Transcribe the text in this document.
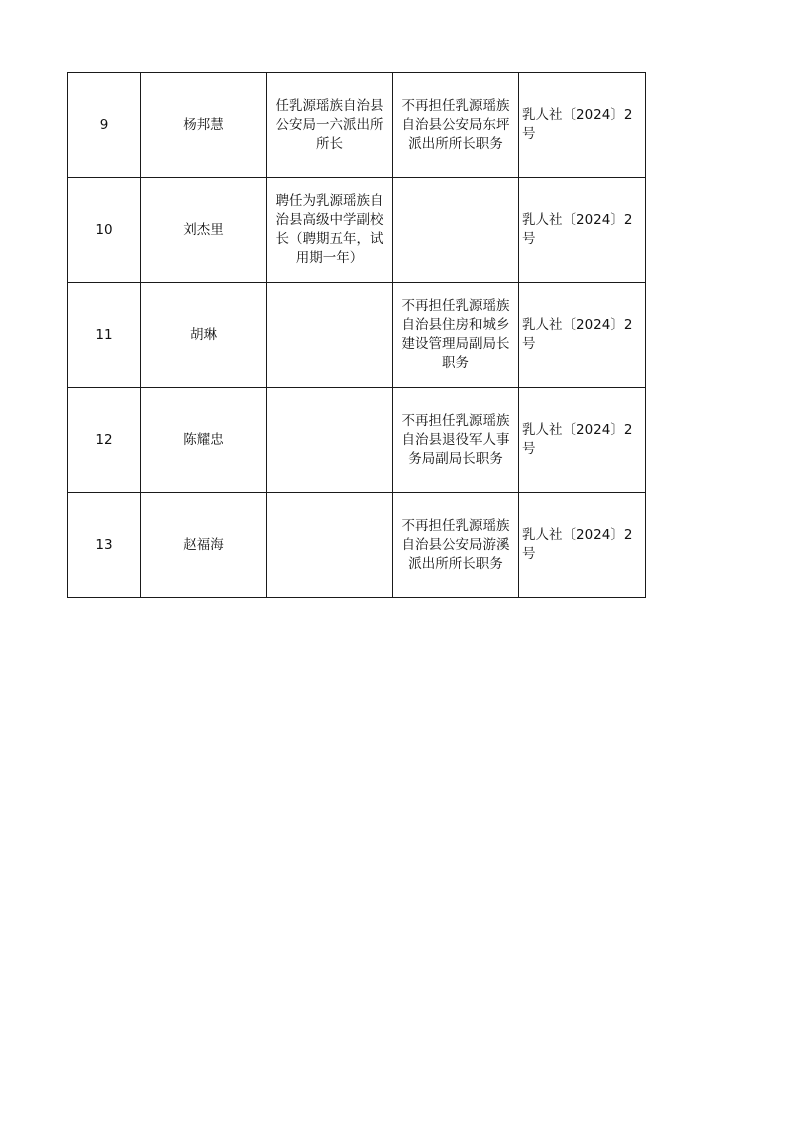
9	杨邦慧	任乳源瑶族自治县公安局一六派出所所长	不再担任乳源瑶族自治县公安局东坪派出所所长职务	乳人社〔2024〕2号
10	刘杰里	聘任为乳源瑶族自治县高级中学副校长（聘期五年，试用期一年）		乳人社〔2024〕2号
11	胡琳		不再担任乳源瑶族自治县住房和城乡建设管理局副局长职务	乳人社〔2024〕2号
12	陈耀忠		不再担任乳源瑶族自治县退役军人事务局副局长职务	乳人社〔2024〕2号
13	赵福海		不再担任乳源瑶族自治县公安局游溪派出所所长职务	乳人社〔2024〕2号
